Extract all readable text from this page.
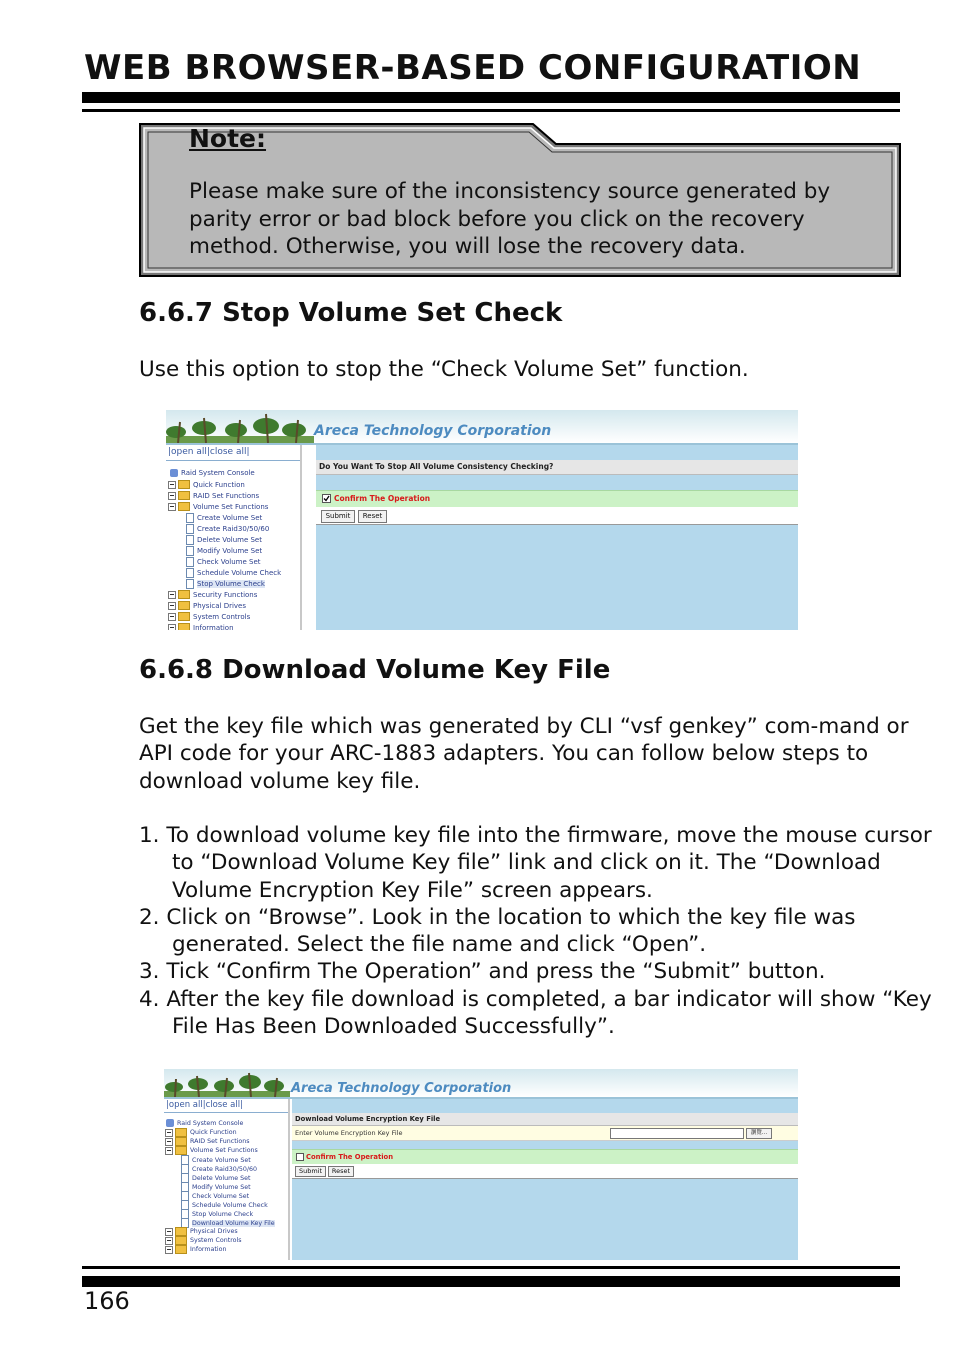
WEB BROWSER-BASED CONFIGURATION
Note:
Please make sure of the inconsistency source generated by parity error or bad block before you click on the recovery method. Otherwise, you will lose the recovery data.
6.6.7 Stop Volume Set Check

Use this option to stop the “Check Volume Set” function.

Areca Technology Corporation
|open all|close all|
Raid System Console
Quick Function
RAID Set Functions
Volume Set Functions
Create Volume Set
Create Raid30/50/60
Delete Volume Set
Modify Volume Set
Check Volume Set
Schedule Volume Check
Stop Volume Check
Security Functions
Physical Drives
System Controls
Information
Do You Want To Stop All Volume Consistency Checking?
Confirm The Operation
Submit	Reset
6.6.8 Download Volume Key File

Get the key file which was generated by CLI “vsf genkey” com-mand or API code for your ARC-1883 adapters. You can follow below steps to download volume key file.

1. To download volume key file into the firmware, move the mouse cursor to “Download Volume Key file” link and click on it. The “Download Volume Encryption Key File” screen appears.
2. Click on “Browse”. Look in the location to which the key file was generated. Select the file name and click “Open”.
3. Tick “Confirm The Operation” and press the “Submit” button.
4. After the key file download is completed, a bar indicator will show “Key File Has Been Downloaded Successfully”.
Areca Technology Corporation
|open all|close all|
Raid System Console
Quick Function
RAID Set Functions
Volume Set Functions
Create Volume Set
Create Raid30/50/60
Delete Volume Set
Modify Volume Set
Check Volume Set
Schedule Volume Check
Stop Volume Check
Download Volume Key File
Physical Drives
System Controls
Information
Download Volume Encryption Key File
Enter Volume Encryption Key File	瀏覽...
Confirm The Operation
Submit	Reset
166
